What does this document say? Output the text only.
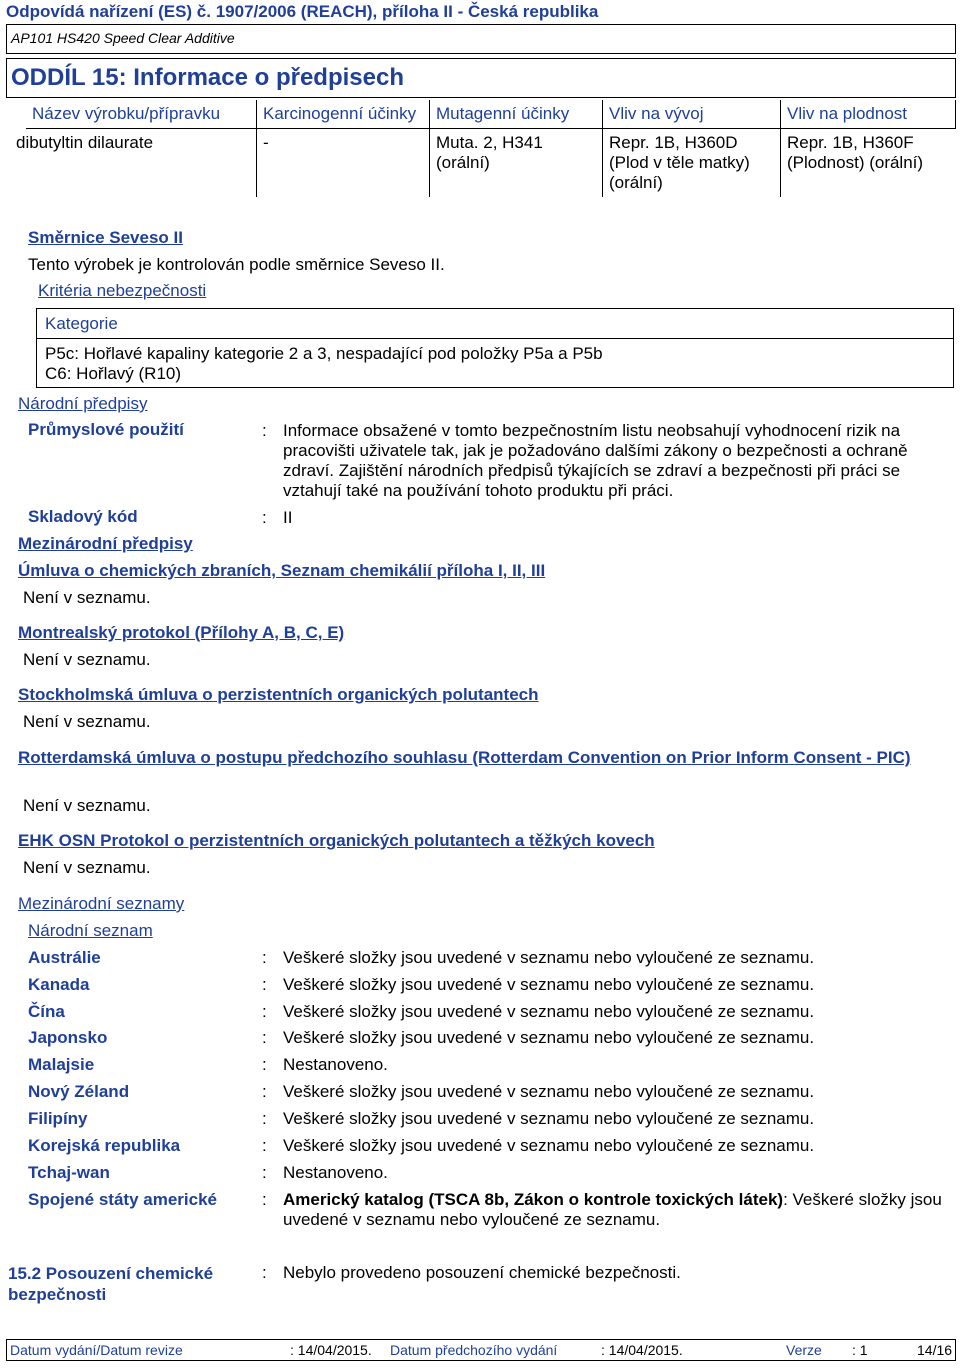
Odpovídá nařízení (ES) č. 1907/2006 (REACH), příloha II - Česká republika
AP101 HS420 Speed Clear Additive
ODDÍL 15: Informace o předpisech
Název výrobku/přípravku	Karcinogenní účinky	Mutagenní účinky	Vliv na vývoj	Vliv na plodnost
dibutyltin dilaurate	-	Muta. 2, H341 (orální)	Repr. 1B, H360D (Plod v těle matky) (orální)	Repr. 1B, H360F (Plodnost) (orální)
Směrnice Seveso II
Tento výrobek je kontrolován podle směrnice Seveso II.
Kritéria nebezpečnosti
Kategorie
P5c: Hořlavé kapaliny kategorie 2 a 3, nespadající pod položky P5a a P5b
C6: Hořlavý (R10)
Národní předpisy
Průmyslové použití	: Informace obsažené v tomto bezpečnostním listu neobsahují vyhodnocení rizik na pracovišti uživatele tak, jak je požadováno dalšími zákony o bezpečnosti a ochraně zdraví. Zajištění národních předpisů týkajících se zdraví a bezpečnosti při práci se vztahují také na používání tohoto produktu při práci.
Skladový kód	: II
Mezinárodní předpisy
Úmluva o chemických zbraních, Seznam chemikálií příloha I, II, III
Není v seznamu.
Montrealský protokol (Přílohy A, B, C, E)
Není v seznamu.
Stockholmská úmluva o perzistentních organických polutantech
Není v seznamu.
Rotterdamská úmluva o postupu předchozího souhlasu (Rotterdam Convention on Prior Inform Consent - PIC)
Není v seznamu.
EHK OSN Protokol o perzistentních organických polutantech a těžkých kovech
Není v seznamu.
Mezinárodní seznamy
Národní seznam
Austrálie	: Veškeré složky jsou uvedené v seznamu nebo vyloučené ze seznamu.
Kanada	: Veškeré složky jsou uvedené v seznamu nebo vyloučené ze seznamu.
Čína	: Veškeré složky jsou uvedené v seznamu nebo vyloučené ze seznamu.
Japonsko	: Veškeré složky jsou uvedené v seznamu nebo vyloučené ze seznamu.
Malajsie	: Nestanoveno.
Nový Zéland	: Veškeré složky jsou uvedené v seznamu nebo vyloučené ze seznamu.
Filipíny	: Veškeré složky jsou uvedené v seznamu nebo vyloučené ze seznamu.
Korejská republika	: Veškeré složky jsou uvedené v seznamu nebo vyloučené ze seznamu.
Tchaj-wan	: Nestanoveno.
Spojené státy americké	: Americký katalog (TSCA 8b, Zákon o kontrole toxických látek): Veškeré složky jsou uvedené v seznamu nebo vyloučené ze seznamu.
15.2 Posouzení chemické bezpečnosti
: Nebylo provedeno posouzení chemické bezpečnosti.
Datum vydání/Datum revize	: 14/04/2015. Datum předchozího vydání	: 14/04/2015.	Verze : 1	14/16
